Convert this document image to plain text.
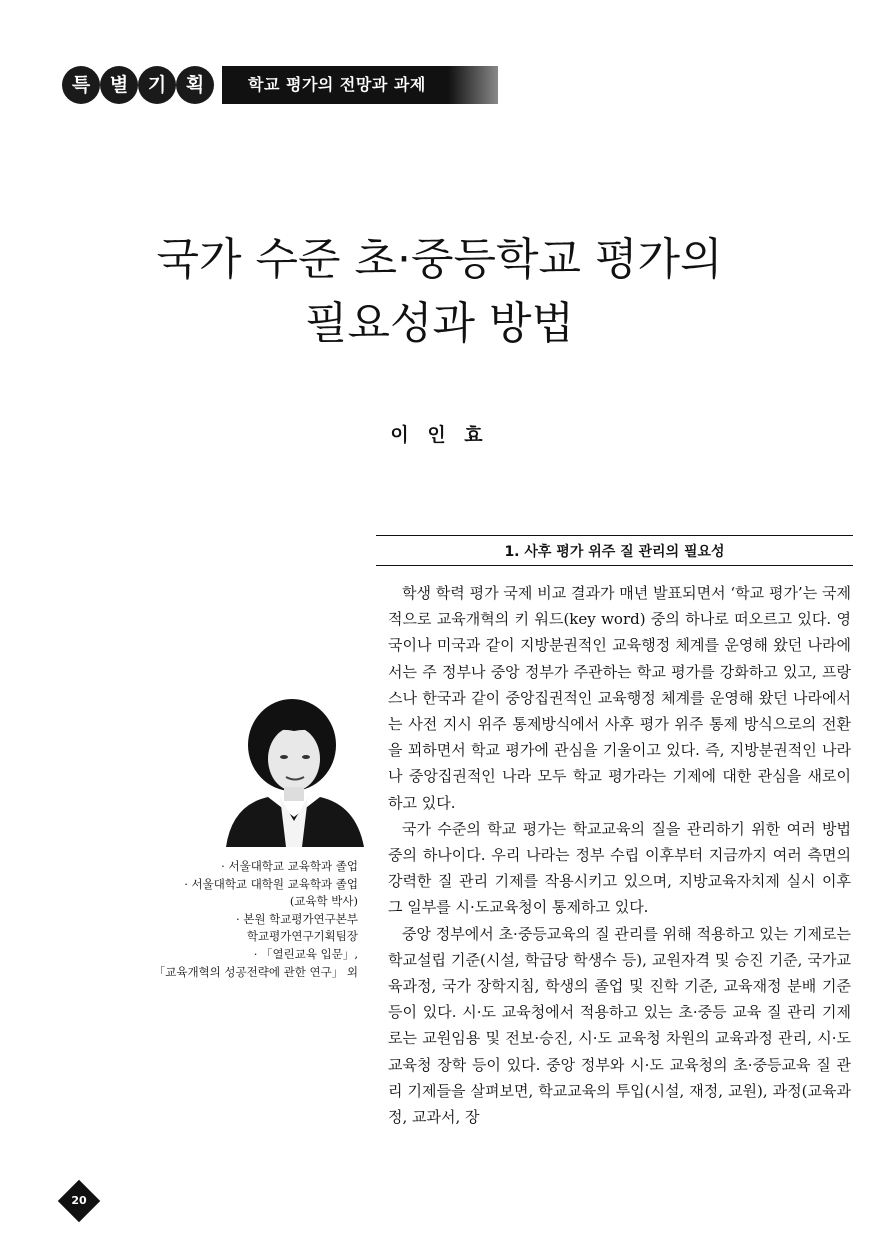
특	별	기	획	학교 평가의 전망과 과제
국가 수준 초·중등학교 평가의
필요성과 방법
이 인 효
1. 사후 평가 위주 질 관리의 필요성

학생 학력 평가 국제 비교 결과가 매년 발표되면서 ‘학교 평가’는 국제적으로 교육개혁의 키 워드(key word) 중의 하나로 떠오르고 있다. 영국이나 미국과 같이 지방분권적인 교육행정 체계를 운영해 왔던 나라에서는 주 정부나 중앙 정부가 주관하는 학교 평가를 강화하고 있고, 프랑스나 한국과 같이 중앙집권적인 교육행정 체계를 운영해 왔던 나라에서는 사전 지시 위주 통제방식에서 사후 평가 위주 통제 방식으로의 전환을 꾀하면서 학교 평가에 관심을 기울이고 있다. 즉, 지방분권적인 나라나 중앙집권적인 나라 모두 학교 평가라는 기제에 대한 관심을 새로이 하고 있다.

국가 수준의 학교 평가는 학교교육의 질을 관리하기 위한 여러 방법 중의 하나이다. 우리 나라는 정부 수립 이후부터 지금까지 여러 측면의 강력한 질 관리 기제를 작용시키고 있으며, 지방교육자치제 실시 이후 그 일부를 시·도교육청이 통제하고 있다.

중앙 정부에서 초·중등교육의 질 관리를 위해 적용하고 있는 기제로는 학교설립 기준(시설, 학급당 학생수 등), 교원자격 및 승진 기준, 국가교육과정, 국가 장학지침, 학생의 졸업 및 진학 기준, 교육재정 분배 기준 등이 있다. 시·도 교육청에서 적용하고 있는 초·중등 교육 질 관리 기제로는 교원임용 및 전보·승진, 시·도 교육청 차원의 교육과정 관리, 시·도 교육청 장학 등이 있다. 중앙 정부와 시·도 교육청의 초·중등교육 질 관리 기제들을 살펴보면, 학교교육의 투입(시설, 재정, 교원), 과정(교육과정, 교과서, 장

· 서울대학교 교육학과 졸업
· 서울대학교 대학원 교육학과 졸업
(교육학 박사)
· 본원 학교평가연구본부
학교평가연구기획팀장
· 「열린교육 입문」,
「교육개혁의 성공전략에 관한 연구」 외
20
